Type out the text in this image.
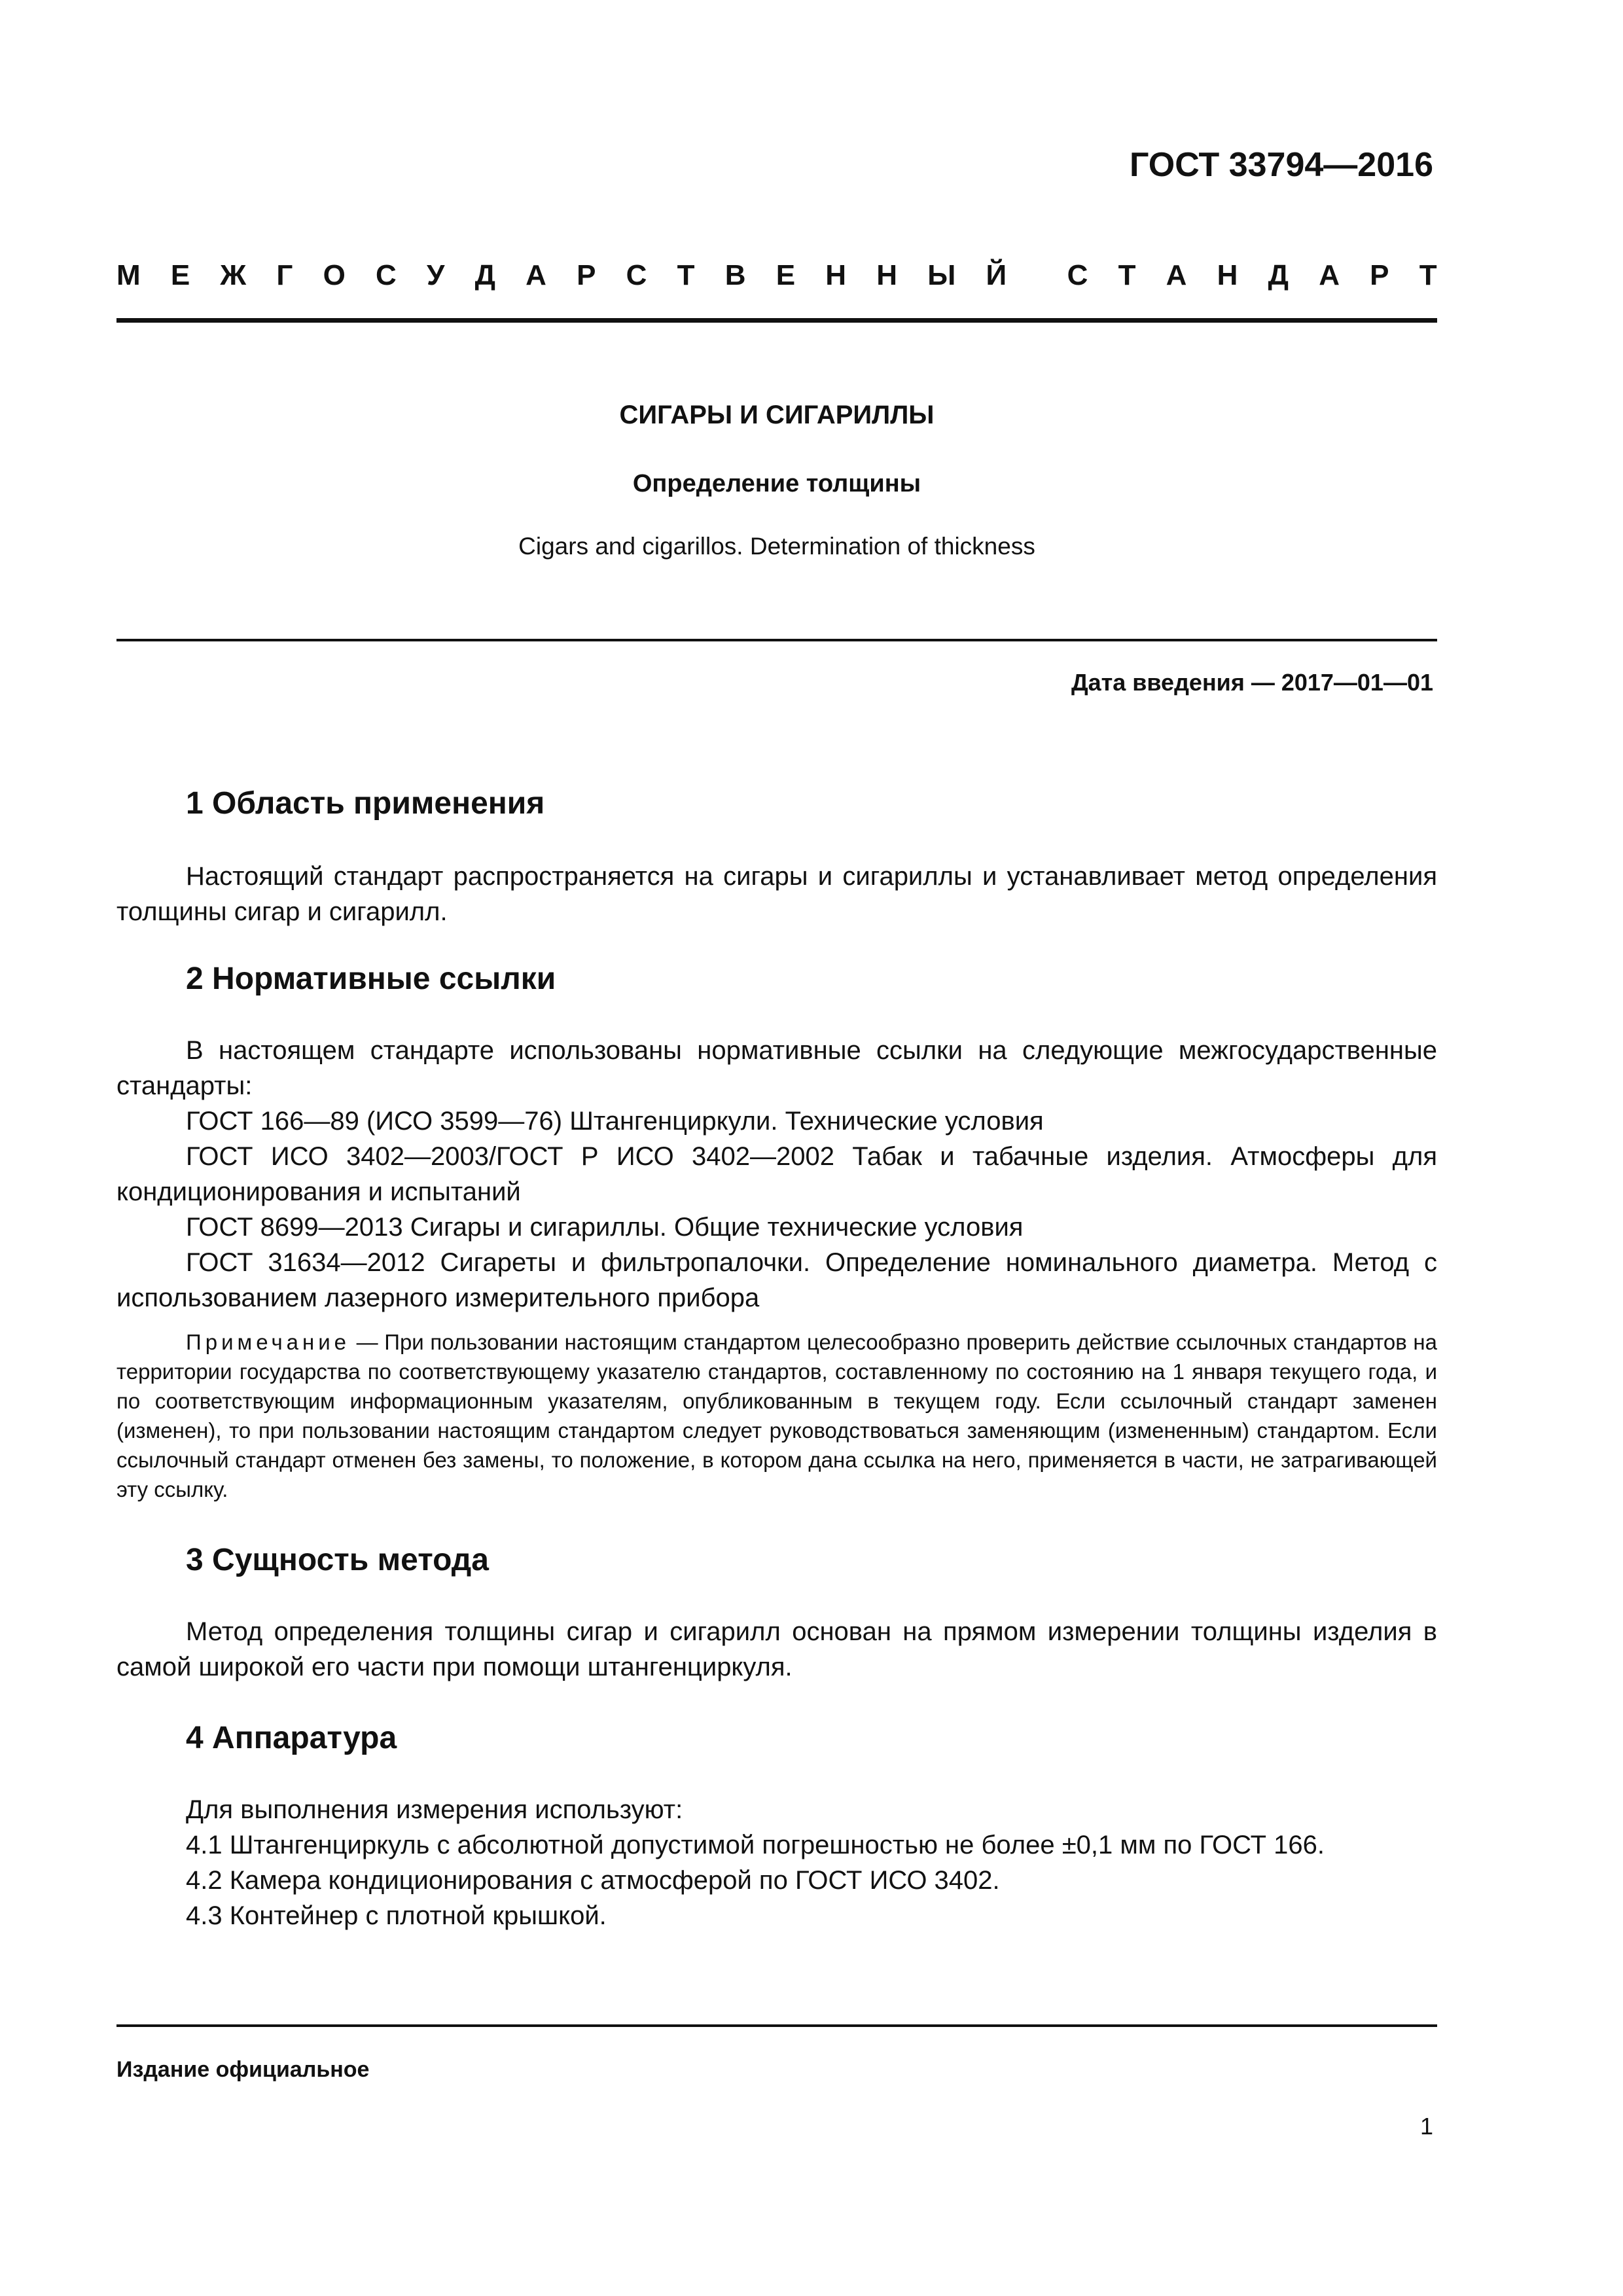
ГОСТ 33794—2016
М Е Ж Г О С У Д А Р С Т В Е Н Н Ы Й С Т А Н Д А Р Т
СИГАРЫ И СИГАРИЛЛЫ
Определение толщины
Cigars and cigarillos. Determination of thickness
Дата введения — 2017—01—01
1 Область применения
Настоящий стандарт распространяется на сигары и сигариллы и устанавливает метод определения толщины сигар и сигарилл.
2 Нормативные ссылки
В настоящем стандарте использованы нормативные ссылки на следующие межгосударственные стандарты:
ГОСТ 166—89 (ИСО 3599—76) Штангенциркули. Технические условия
ГОСТ ИСО 3402—2003/ГОСТ Р ИСО 3402—2002 Табак и табачные изделия. Атмосферы для кондиционирования и испытаний
ГОСТ 8699—2013 Сигары и сигариллы. Общие технические условия
ГОСТ 31634—2012 Сигареты и фильтропалочки. Определение номинального диаметра. Метод с использованием лазерного измерительного прибора
Примечание — При пользовании настоящим стандартом целесообразно проверить действие ссылочных стандартов на территории государства по соответствующему указателю стандартов, составленному по состоянию на 1 января текущего года, и по соответствующим информационным указателям, опубликованным в текущем году. Если ссылочный стандарт заменен (изменен), то при пользовании настоящим стандартом следует руководствоваться заменяющим (измененным) стандартом. Если ссылочный стандарт отменен без замены, то положение, в котором дана ссылка на него, применяется в части, не затрагивающей эту ссылку.
3 Сущность метода
Метод определения толщины сигар и сигарилл основан на прямом измерении толщины изделия в самой широкой его части при помощи штангенциркуля.
4 Аппаратура
Для выполнения измерения используют:
4.1 Штангенциркуль с абсолютной допустимой погрешностью не более ±0,1 мм по ГОСТ 166.
4.2 Камера кондиционирования с атмосферой по ГОСТ ИСО 3402.
4.3 Контейнер с плотной крышкой.
Издание официальное
1
